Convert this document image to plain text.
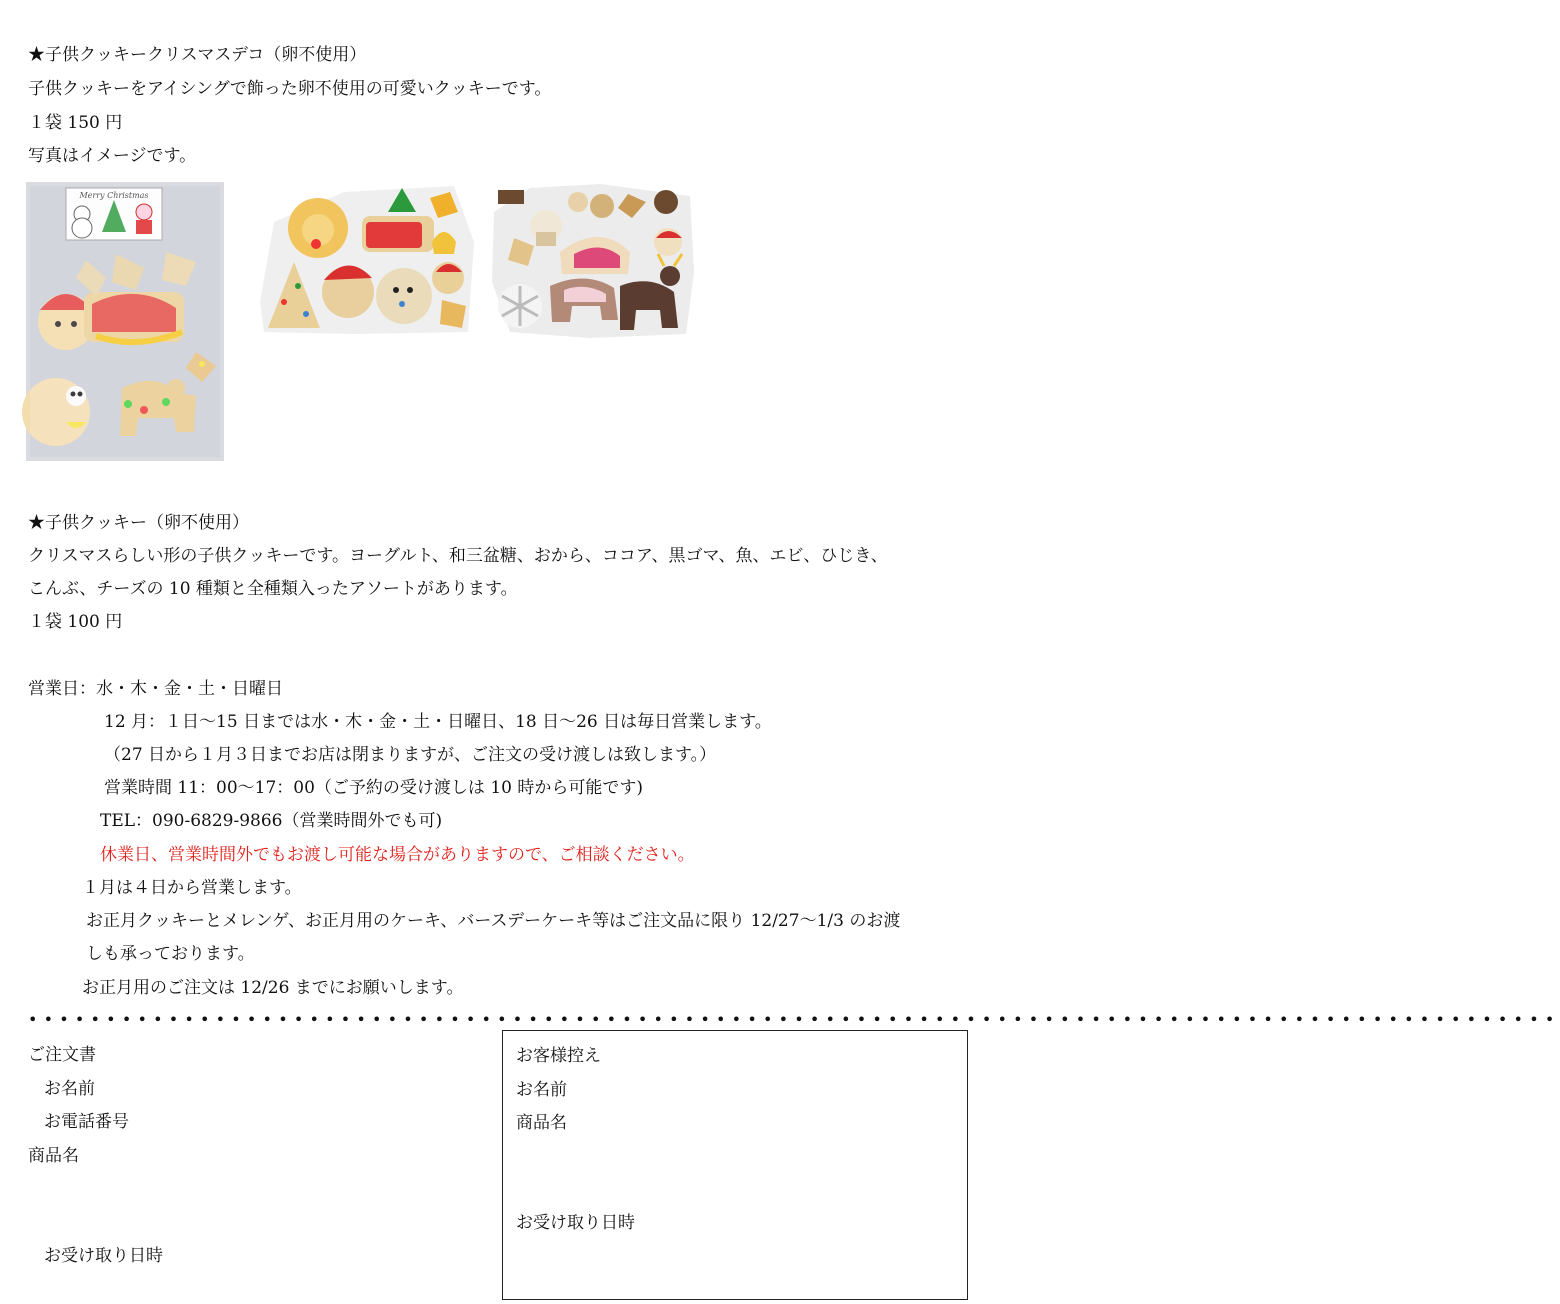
★子供クッキークリスマスデコ（卵不使用）
子供クッキーをアイシングで飾った卵不使用の可愛いクッキーです。
１袋 150 円
写真はイメージです。
Merry Christmas
★子供クッキー（卵不使用）
クリスマスらしい形の子供クッキーです。ヨーグルト、和三盆糖、おから、ココア、黒ゴマ、魚、エビ、ひじき、
こんぶ、チーズの 10 種類と全種類入ったアソートがあります。
１袋 100 円
営業日：水・木・金・土・日曜日
12 月：１日〜15 日までは水・木・金・土・日曜日、18 日〜26 日は毎日営業します。
（27 日から１月３日までお店は閉まりますが、ご注文の受け渡しは致します。）
営業時間 11：00〜17：00（ご予約の受け渡しは 10 時から可能です)
TEL：090-6829-9866（営業時間外でも可)
休業日、営業時間外でもお渡し可能な場合がありますので、ご相談ください。
１月は４日から営業します。
お正月クッキーとメレンゲ、お正月用のケーキ、バースデーケーキ等はご注文品に限り 12/27〜1/3 のお渡
しも承っております。
お正月用のご注文は 12/26 までにお願いします。
••••••••••••••••••••••••••••••••••••••••••••••••••••••••••••••••••••••••••••••••••••••••••••••••••
ご注文書
お名前
お電話番号
商品名
お受け取り日時
お客様控え
お名前
商品名
お受け取り日時
